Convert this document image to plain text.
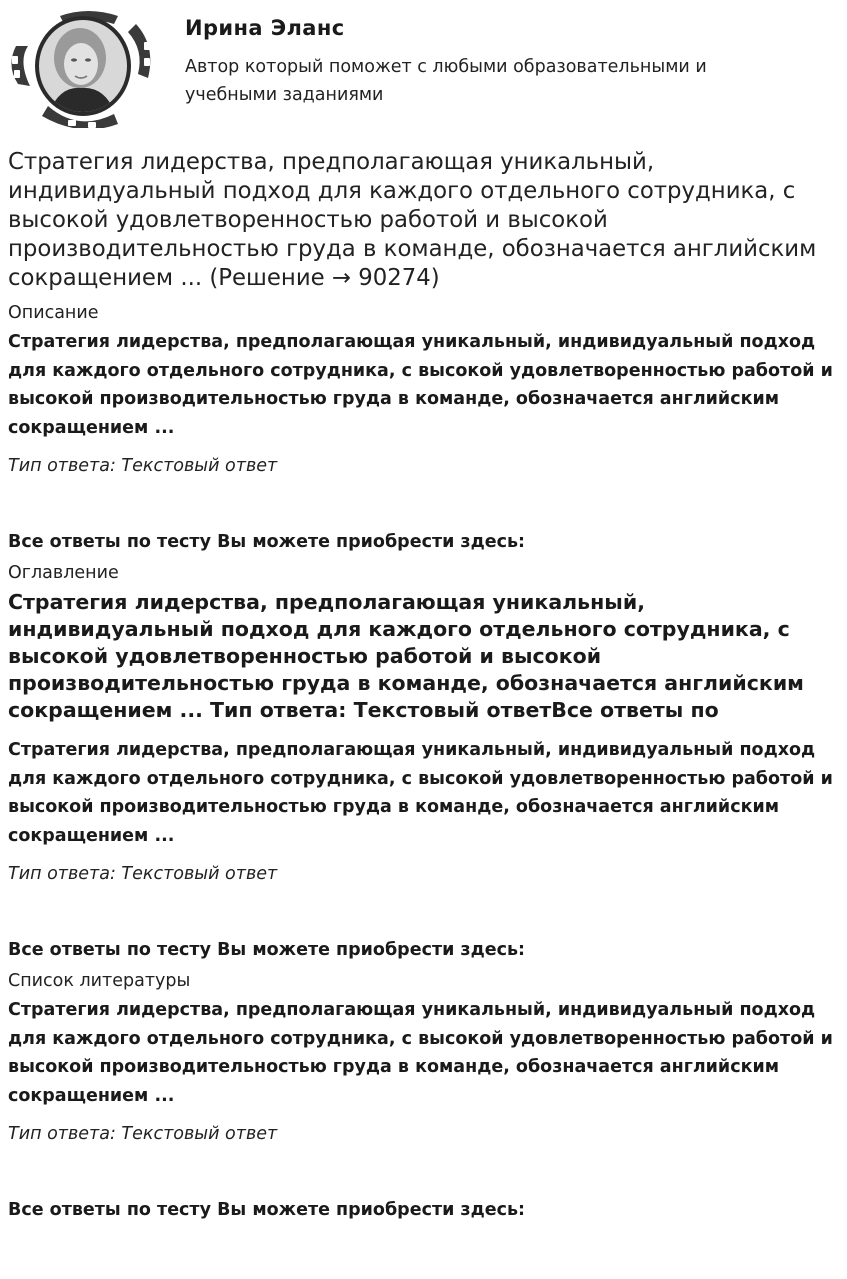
Ирина Эланс
Автор который поможет с любыми образовательными и учебными заданиями
Стратегия лидерства, предполагающая уникальный, индивидуальный подход для каждого отдельного сотрудника, с высокой удовлетворенностью работой и высокой производительностью груда в команде, обозначается английским сокращением ... (Решение → 90274)
Описание
Стратегия лидерства, предполагающая уникальный, индивидуальный подход для каждого отдельного сотрудника, с высокой удовлетворенностью работой и высокой производительностью груда в команде, обозначается английским сокращением ...
Тип ответа: Текстовый ответ
Все ответы по тесту Вы можете приобрести здесь:
Оглавление
Стратегия лидерства, предполагающая уникальный, индивидуальный подход для каждого отдельного сотрудника, с высокой удовлетворенностью работой и высокой производительностью груда в команде, обозначается английским сокращением ... Тип ответа: Текстовый ответВсе ответы по
Стратегия лидерства, предполагающая уникальный, индивидуальный подход для каждого отдельного сотрудника, с высокой удовлетворенностью работой и высокой производительностью груда в команде, обозначается английским сокращением ...
Тип ответа: Текстовый ответ
Все ответы по тесту Вы можете приобрести здесь:
Список литературы
Стратегия лидерства, предполагающая уникальный, индивидуальный подход для каждого отдельного сотрудника, с высокой удовлетворенностью работой и высокой производительностью груда в команде, обозначается английским сокращением ...
Тип ответа: Текстовый ответ
Все ответы по тесту Вы можете приобрести здесь:
